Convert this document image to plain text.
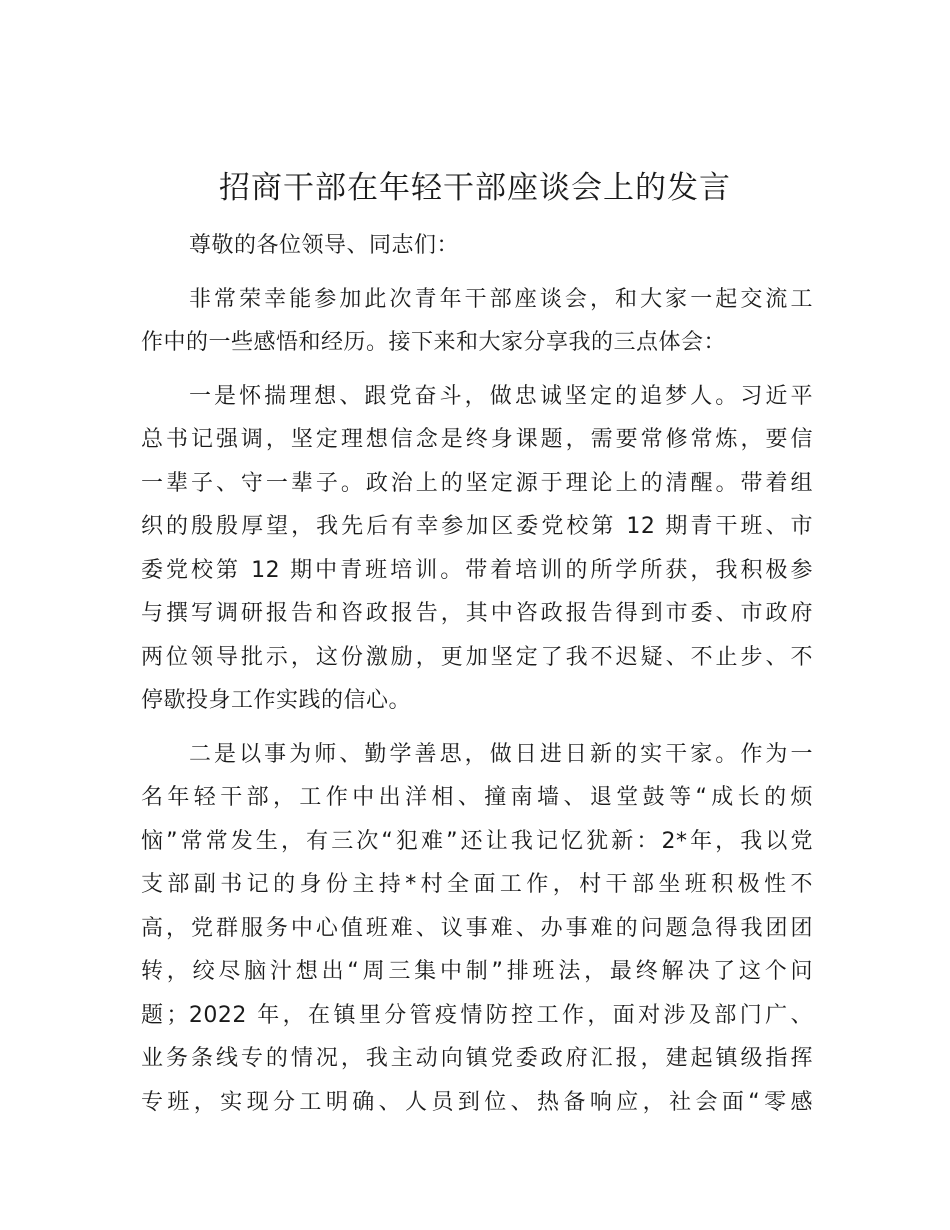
招商干部在年轻干部座谈会上的发言

尊敬的各位领导、同志们：

非常荣幸能参加此次青年干部座谈会，和大家一起交流工
作中的一些感悟和经历。接下来和大家分享我的三点体会：

一是怀揣理想、跟党奋斗，做忠诚坚定的追梦人。习近平
总书记强调，坚定理想信念是终身课题，需要常修常炼，要信
一辈子、守一辈子。政治上的坚定源于理论上的清醒。带着组
织的殷殷厚望，我先后有幸参加区委党校第 12 期青干班、市
委党校第 12 期中青班培训。带着培训的所学所获，我积极参
与撰写调研报告和咨政报告，其中咨政报告得到市委、市政府
两位领导批示，这份激励，更加坚定了我不迟疑、不止步、不
停歇投身工作实践的信心。

二是以事为师、勤学善思，做日进日新的实干家。作为一
名年轻干部，工作中出洋相、撞南墙、退堂鼓等“成长的烦
恼”常常发生，有三次“犯难”还让我记忆犹新：2*年，我以党
支部副书记的身份主持*村全面工作，村干部坐班积极性不
高，党群服务中心值班难、议事难、办事难的问题急得我团团
转，绞尽脑汁想出“周三集中制”排班法，最终解决了这个问
题；2022 年，在镇里分管疫情防控工作，面对涉及部门广、
业务条线专的情况，我主动向镇党委政府汇报，建起镇级指挥
专班，实现分工明确、人员到位、热备响应，社会面“零感
